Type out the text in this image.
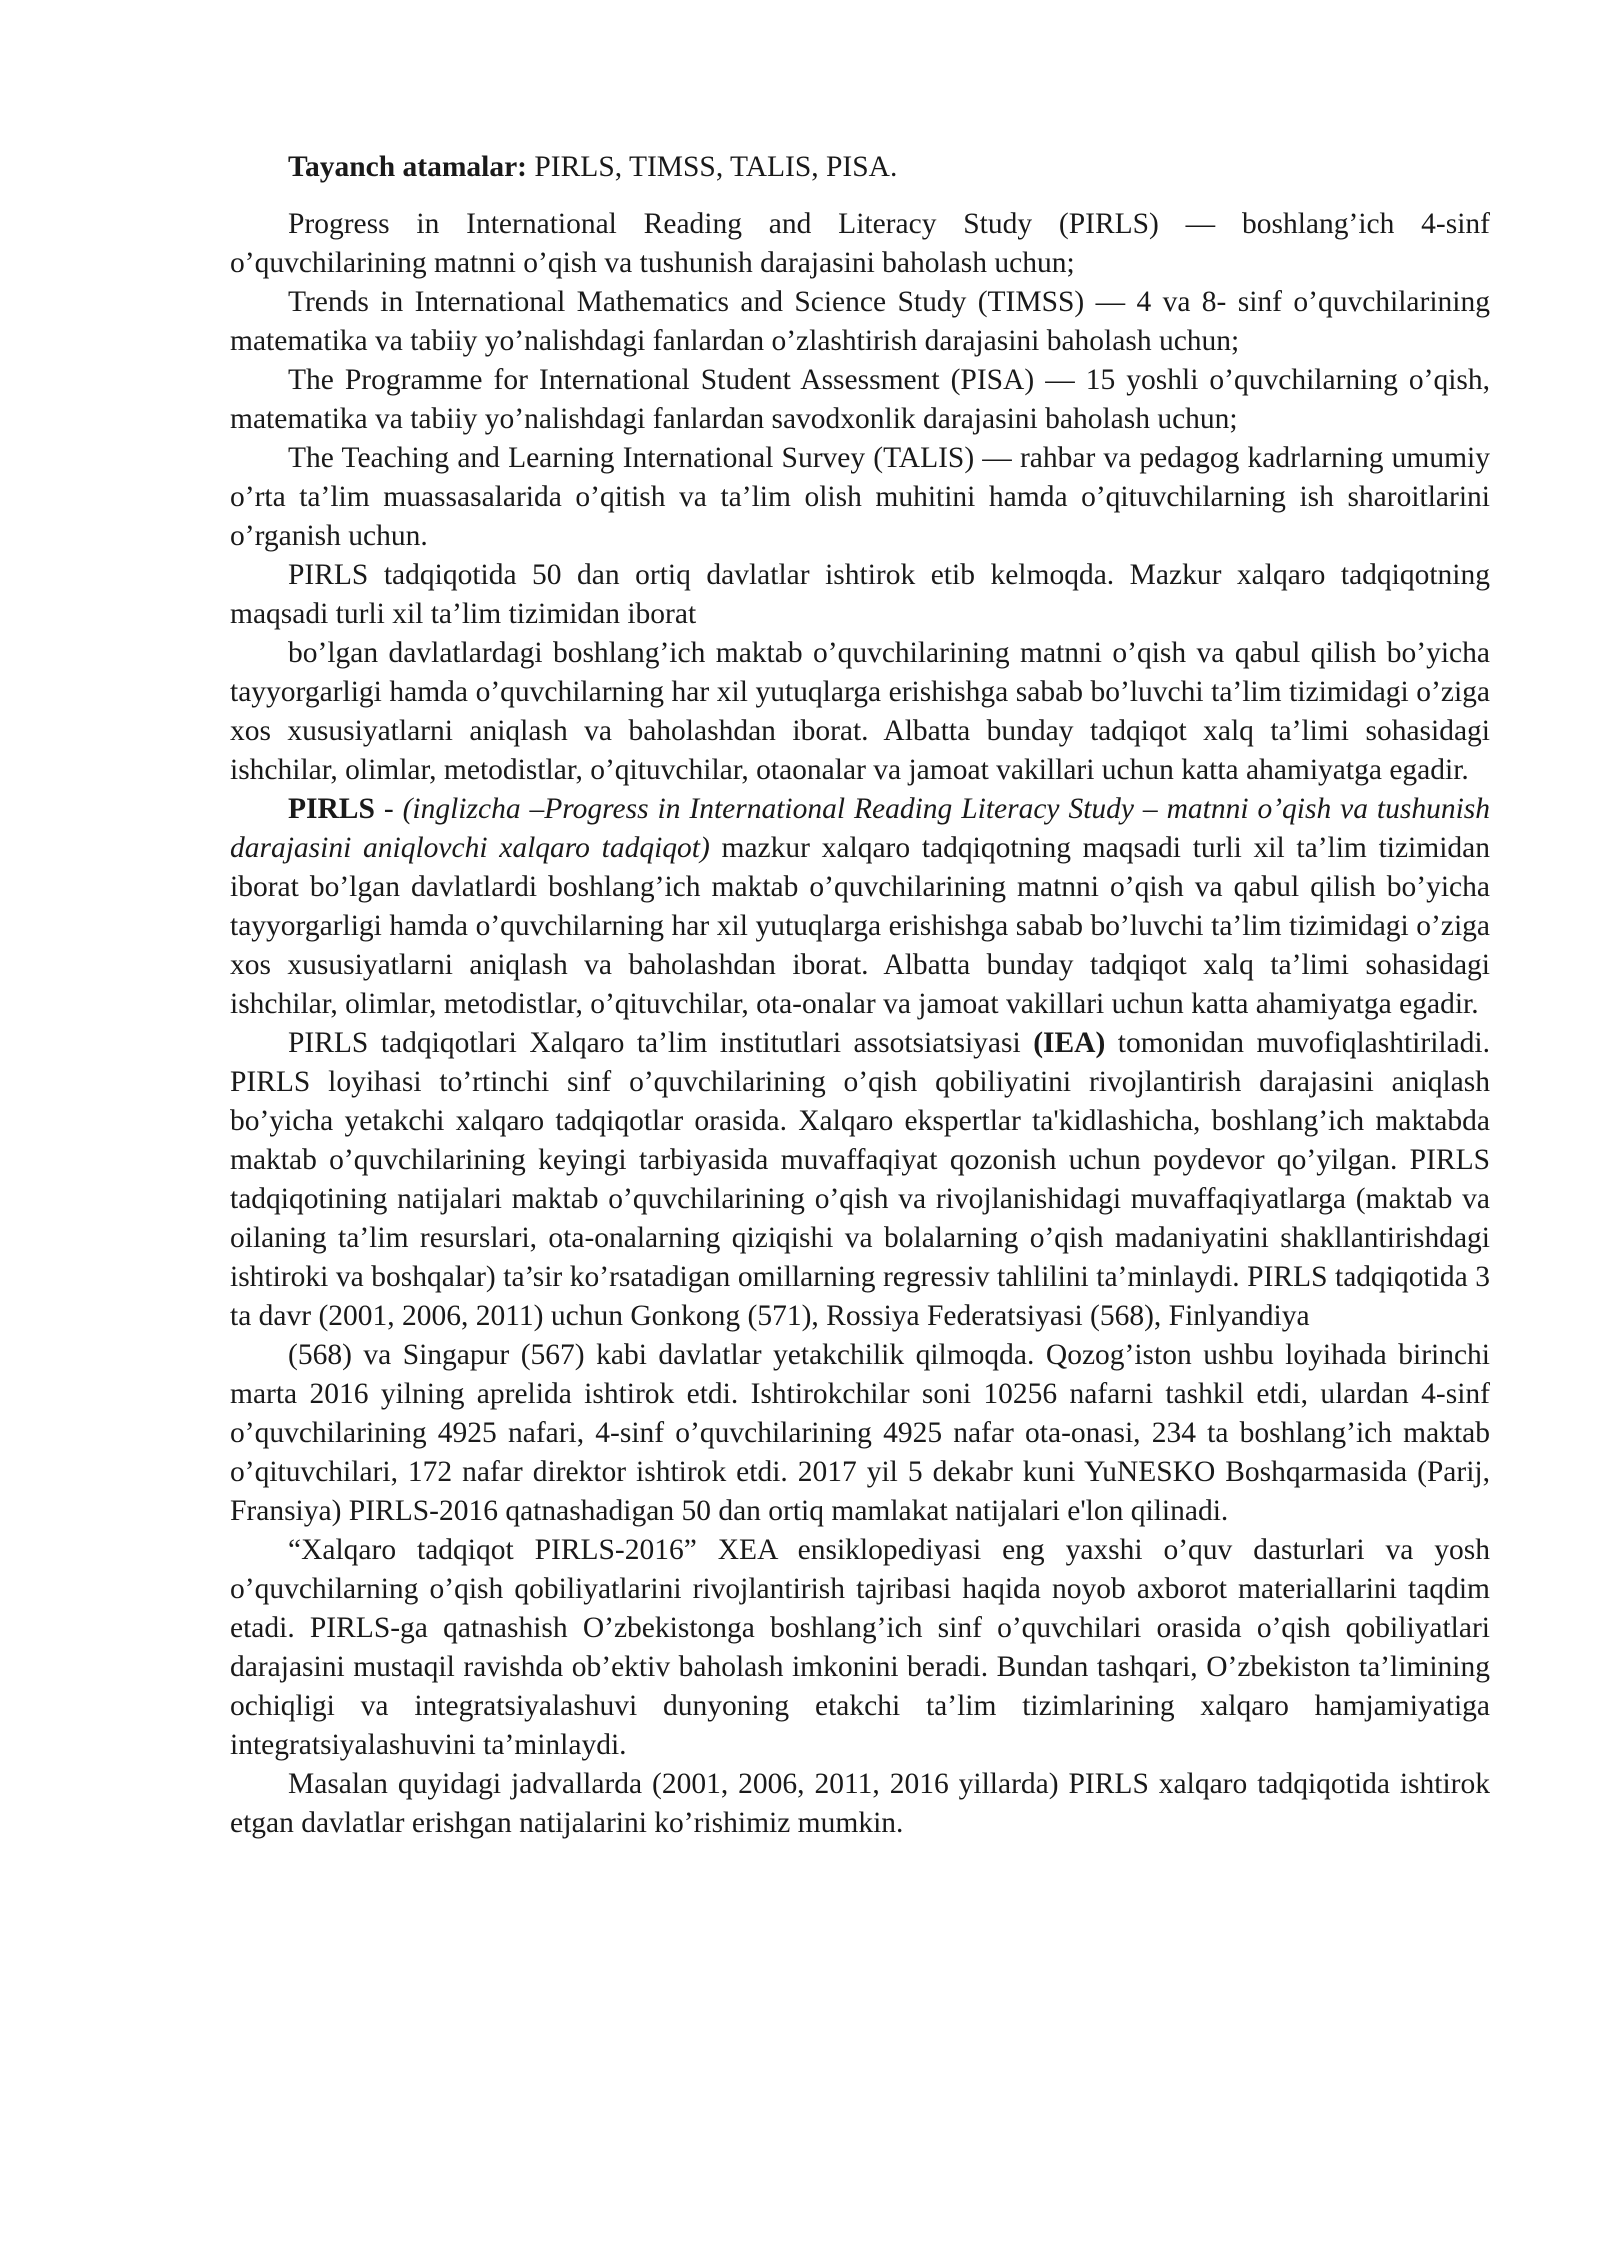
Tayanch atamalar: PIRLS, TIMSS, TALIS, PISA.

Progress in International Reading and Literacy Study (PIRLS) — boshlang’ich 4-sinf o’quvchilarining matnni o’qish va tushunish darajasini baholash uchun;

Trends in International Mathematics and Science Study (TIMSS) — 4 va 8- sinf o’quvchilarining matematika va tabiiy yo’nalishdagi fanlardan o’zlashtirish darajasini baholash uchun;

The Programme for International Student Assessment (PISA) — 15 yoshli o’quvchilarning o’qish, matematika va tabiiy yo’nalishdagi fanlardan savodxonlik darajasini baholash uchun;

The Teaching and Learning International Survey (TALIS) — rahbar va pedagog kadrlarning umumiy o’rta ta’lim muassasalarida o’qitish va ta’lim olish muhitini hamda o’qituvchilarning ish sharoitlarini o’rganish uchun.

PIRLS tadqiqotida 50 dan ortiq davlatlar ishtirok etib kelmoqda. Mazkur xalqaro tadqiqotning maqsadi turli xil ta’lim tizimidan iborat

bo’lgan davlatlardagi boshlang’ich maktab o’quvchilarining matnni o’qish va qabul qilish bo’yicha tayyorgarligi hamda o’quvchilarning har xil yutuqlarga erishishga sabab bo’luvchi ta’lim tizimidagi o’ziga xos xususiyatlarni aniqlash va baholashdan iborat. Albatta bunday tadqiqot xalq ta’limi sohasidagi ishchilar, olimlar, metodistlar, o’qituvchilar, otaonalar va jamoat vakillari uchun katta ahamiyatga egadir.

PIRLS - (inglizcha –Progress in International Reading Literacy Study – matnni o’qish va tushunish darajasini aniqlovchi xalqaro tadqiqot) mazkur xalqaro tadqiqotning maqsadi turli xil ta’lim tizimidan iborat bo’lgan davlatlardi boshlang’ich maktab o’quvchilarining matnni o’qish va qabul qilish bo’yicha tayyorgarligi hamda o’quvchilarning har xil yutuqlarga erishishga sabab bo’luvchi ta’lim tizimidagi o’ziga xos xususiyatlarni aniqlash va baholashdan iborat. Albatta bunday tadqiqot xalq ta’limi sohasidagi ishchilar, olimlar, metodistlar, o’qituvchilar, ota-onalar va jamoat vakillari uchun katta ahamiyatga egadir.

PIRLS tadqiqotlari Xalqaro ta’lim institutlari assotsiatsiyasi (IEA) tomonidan muvofiqlashtiriladi. PIRLS loyihasi to’rtinchi sinf o’quvchilarining o’qish qobiliyatini rivojlantirish darajasini aniqlash bo’yicha yetakchi xalqaro tadqiqotlar orasida. Xalqaro ekspertlar ta'kidlashicha, boshlang’ich maktabda maktab o’quvchilarining keyingi tarbiyasida muvaffaqiyat qozonish uchun poydevor qo’yilgan. PIRLS tadqiqotining natijalari maktab o’quvchilarining o’qish va rivojlanishidagi muvaffaqiyatlarga (maktab va oilaning ta’lim resurslari, ota-onalarning qiziqishi va bolalarning o’qish madaniyatini shakllantirishdagi ishtiroki va boshqalar) ta’sir ko’rsatadigan omillarning regressiv tahlilini ta’minlaydi. PIRLS tadqiqotida 3 ta davr (2001, 2006, 2011) uchun Gonkong (571), Rossiya Federatsiyasi (568), Finlyandiya

(568) va Singapur (567) kabi davlatlar yetakchilik qilmoqda. Qozog’iston ushbu loyihada birinchi marta 2016 yilning aprelida ishtirok etdi. Ishtirokchilar soni 10256 nafarni tashkil etdi, ulardan 4-sinf o’quvchilarining 4925 nafari, 4-sinf o’quvchilarining 4925 nafar ota-onasi, 234 ta boshlang’ich maktab o’qituvchilari, 172 nafar direktor ishtirok etdi. 2017 yil 5 dekabr kuni YuNESKO Boshqarmasida (Parij, Fransiya) PIRLS-2016 qatnashadigan 50 dan ortiq mamlakat natijalari e'lon qilinadi.

“Xalqaro tadqiqot PIRLS-2016” XEA ensiklopediyasi eng yaxshi o’quv dasturlari va yosh o’quvchilarning o’qish qobiliyatlarini rivojlantirish tajribasi haqida noyob axborot materiallarini taqdim etadi. PIRLS-ga qatnashish O’zbekistonga boshlang’ich sinf o’quvchilari orasida o’qish qobiliyatlari darajasini mustaqil ravishda ob’ektiv baholash imkonini beradi. Bundan tashqari, O’zbekiston ta’limining ochiqligi va integratsiyalashuvi dunyoning etakchi ta’lim tizimlarining xalqaro hamjamiyatiga integratsiyalashuvini ta’minlaydi.

Masalan quyidagi jadvallarda (2001, 2006, 2011, 2016 yillarda) PIRLS xalqaro tadqiqotida ishtirok etgan davlatlar erishgan natijalarini ko’rishimiz mumkin.
